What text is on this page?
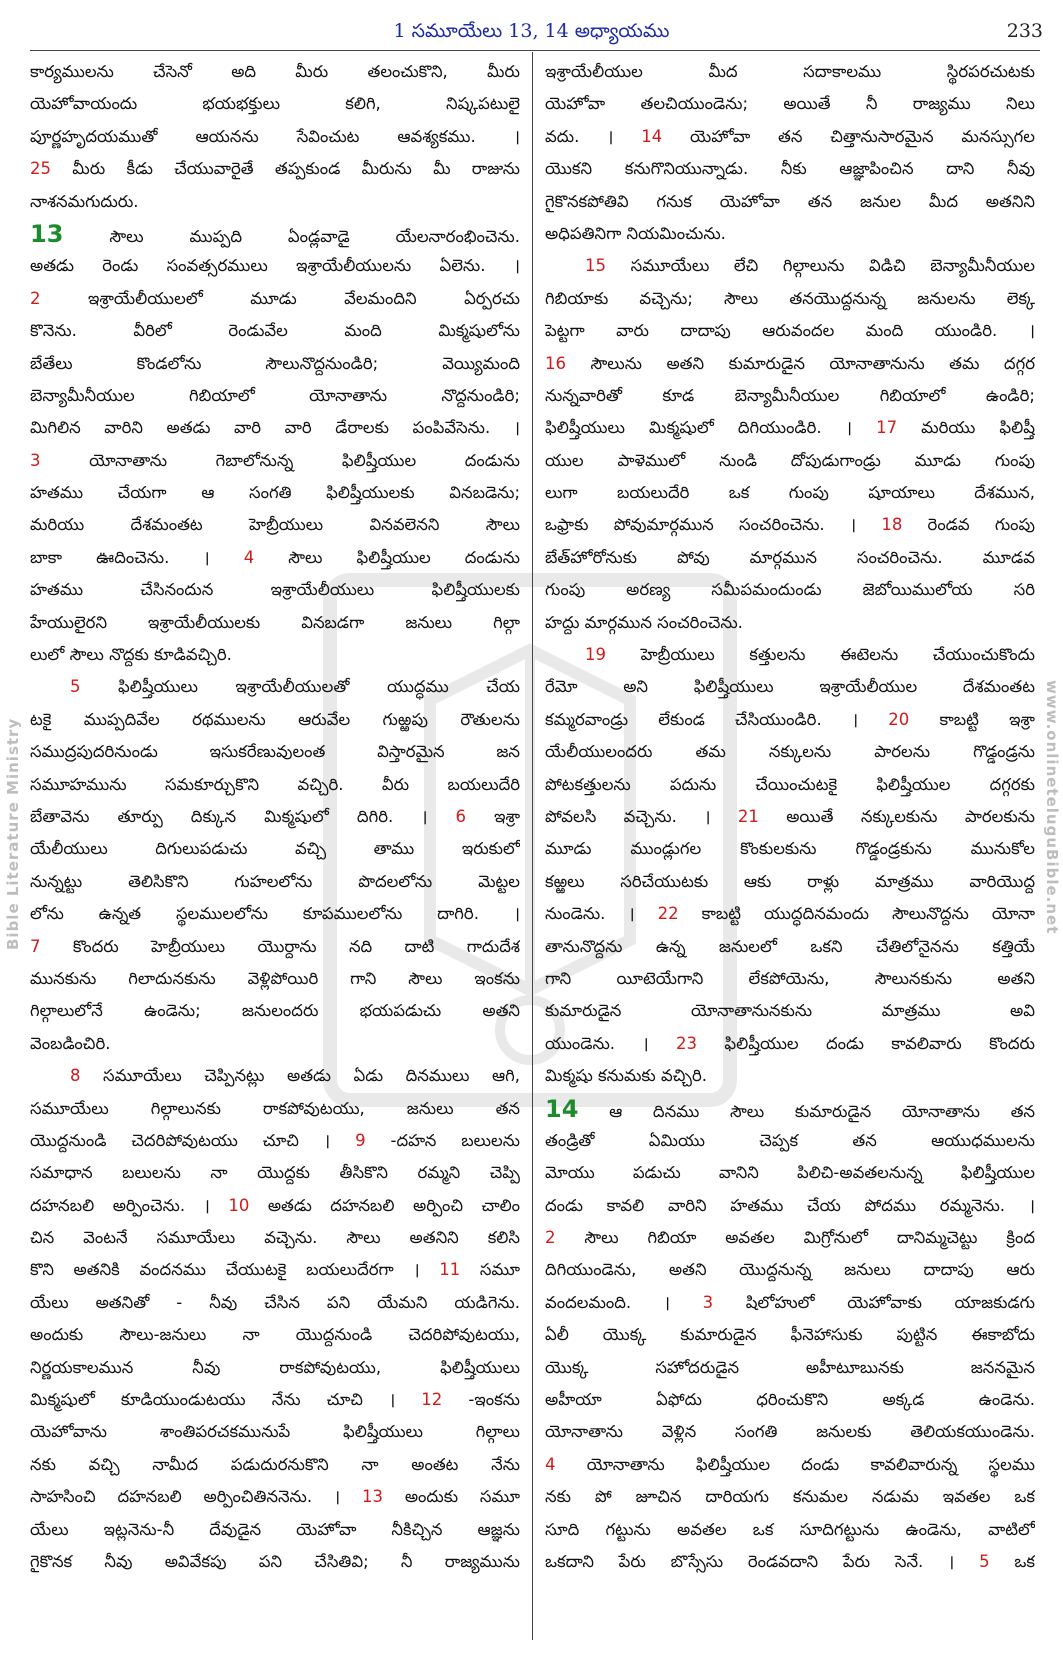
1 సమూయేలు 13, 14 అధ్యాయము	233
Bible Literature Ministry	www.onlineteluguBible.net
కార్యములను చేసెనో అది మీరు తలంచుకొని, మీరు
యెహోవాయందు భయభక్తులు కలిగి, నిష్కపటులై
పూర్ణహృదయముతో ఆయనను సేవించుట ఆవశ్యకము. ।
25 మీరు కీడు చేయువారైతే తప్పకుండ మీరును మీ రాజును
నాశనమగుదురు.
13 సౌలు ముప్పది ఏండ్లవాడై యేలనారంభించెను.
అతడు రెండు సంవత్సరములు ఇశ్రాయేలీయులను ఏలెను. ।
2 ఇశ్రాయేలీయులలో మూడు వేలమందిని ఏర్పరచు
కొనెను. వీరిలో రెండువేల మంది మిక్మషులోను
బేతేలు కొండలోను సౌలునొద్దనుండిరి; వెయ్యిమంది
బెన్యామీనీయుల గిబియాలో యోనాతాను నొద్దనుండిరి;
మిగిలిన వారిని అతడు వారి వారి డేరాలకు పంపివేసెను. ।
3 యోనాతాను గెబాలోనున్న ఫిలిష్తీయుల దండును
హతము చేయగా ఆ సంగతి ఫిలిష్తీయులకు వినబడెను;
మరియు దేశమంతట హెబ్రీయులు వినవలెనని సౌలు
బాకా ఊదించెను. । 4 సౌలు ఫిలిష్తీయుల దండును
హతము చేసినందున ఇశ్రాయేలీయులు ఫిలిష్తీయులకు
హేయులైరని ఇశ్రాయేలీయులకు వినబడగా జనులు గిల్గా
లులో సౌలు నొద్దకు కూడివచ్చిరి.
5 ఫిలిష్తీయులు ఇశ్రాయేలీయులతో యుద్ధము చేయ
టకై ముప్పదివేల రథములను ఆరువేల గుఱ్ఱపు రౌతులను
సముద్రపుదరినుండు ఇసుకరేణువులంత విస్తారమైన జన
సమూహమును సమకూర్చుకొని వచ్చిరి. వీరు బయలుదేరి
బేతావెను తూర్పు దిక్కున మిక్మషులో దిగిరి. । 6 ఇశ్రా
యేలీయులు దిగులుపడుచు వచ్చి తాము ఇరుకులో
నున్నట్టు తెలిసికొని గుహలలోను పొదలలోను మెట్టల
లోను ఉన్నత స్థలములలోను కూపములలోను దాగిరి. ।
7 కొందరు హెబ్రీయులు యొర్దాను నది దాటి గాదుదేశ
మునకును గిలాదునకును వెళ్లిపోయిరి గాని సౌలు ఇంకను
గిల్గాలులోనే ఉండెను; జనులందరు భయపడుచు అతని
వెంబడించిరి.
8 సమూయేలు చెప్పినట్లు అతడు ఏడు దినములు ఆగి,
సమూయేలు గిల్గాలునకు రాకపోవుటయు, జనులు తన
యొద్దనుండి చెదరిపోవుటయు చూచి । 9 -దహన బలులను
సమాధాన బలులను నా యొద్దకు తీసికొని రమ్మని చెప్పి
దహనబలి అర్పించెను. । 10 అతడు దహనబలి అర్పించి చాలిం
చిన వెంటనే సమూయేలు వచ్చెను. సౌలు అతనిని కలిసి
కొని అతనికి వందనము చేయుటకై బయలుదేరగా । 11 సమూ
యేలు అతనితో - నీవు చేసిన పని యేమని యడిగెను.
అందుకు సౌలు-జనులు నా యొద్దనుండి చెదరిపోవుటయు,
నిర్ణయకాలమున నీవు రాకపోవుటయు, ఫిలిష్తీయులు
మిక్మషులో కూడియుండుటయు నేను చూచి । 12 -ఇంకను
యెహోవాను శాంతిపరచకమునుపే ఫిలిష్తీయులు గిల్గాలు
నకు వచ్చి నామీద పడుదురనుకొని నా అంతట నేను
సాహసించి దహనబలి అర్పించితిననెను. । 13 అందుకు సమూ
యేలు ఇట్లనెను-నీ దేవుడైన యెహోవా నీకిచ్చిన ఆజ్ఞను
గైకొనక నీవు అవివేకపు పని చేసితివి; నీ రాజ్యమును
ఇశ్రాయేలీయుల మీద సదాకాలము స్థిరపరచుటకు
యెహోవా తలచియుండెను; అయితే నీ రాజ్యము నిలు
వదు. । 14 యెహోవా తన చిత్తానుసారమైన మనస్సుగల
యొకని కనుగొనియున్నాడు. నీకు ఆజ్ఞాపించిన దాని నీవు
గైకొనకపోతివి గనుక యెహోవా తన జనుల మీద అతనిని
అధిపతినిగా నియమించును.
15 సమూయేలు లేచి గిల్గాలును విడిచి బెన్యామీనీయుల
గిబియాకు వచ్చెను; సౌలు తనయొద్దనున్న జనులను లెక్క
పెట్టగా వారు దాదాపు ఆరువందల మంది యుండిరి. ।
16 సౌలును అతని కుమారుడైన యోనాతానును తమ దగ్గర
నున్నవారితో కూడ బెన్యామీనీయుల గిబియాలో ఉండిరి;
ఫిలిష్తీయులు మిక్మషులో దిగియుండిరి. । 17 మరియు ఫిలిష్తీ
యుల పాళెములో నుండి దోపుడుగాండ్రు మూడు గుంపు
లుగా బయలుదేరి ఒక గుంపు షూయాలు దేశమున,
ఒఫ్రాకు పోవుమార్గమున సంచరించెను. । 18 రెండవ గుంపు
బేత్‌హోరోనుకు పోవు మార్గమున సంచరించెను. మూడవ
గుంపు అరణ్య సమీపమందుండు జెబోయిములోయ సరి
హద్దు మార్గమున సంచరించెను.
19 హెబ్రీయులు కత్తులను ఈటెలను చేయుంచుకొందు
రేమో అని ఫిలిష్తీయులు ఇశ్రాయేలీయుల దేశమంతట
కమ్మరవాండ్రు లేకుండ చేసియుండిరి. । 20 కాబట్టి ఇశ్రా
యేలీయులందరు తమ నక్కులను పారలను గొడ్డండ్రను
పోటకత్తులను పదును చేయించుటకై ఫిలిష్తీయుల దగ్గరకు
పోవలసి వచ్చెను. । 21 అయితే నక్కులకును పారలకును
మూడు ముండ్లుగల కొంకులకును గొడ్డండ్రకును మునుకోల
కఱ్ఱలు సరిచేయుటకు ఆకు రాళ్లు మాత్రము వారియొద్ద
నుండెను. । 22 కాబట్టి యుద్ధదినమందు సౌలునొద్దను యోనా
తానునొద్దను ఉన్న జనులలో ఒకని చేతిలోనైనను కత్తియే
గాని యీటెయేగాని లేకపోయెను, సౌలునకును అతని
కుమారుడైన యోనాతానునకును మాత్రము అవి
యుండెను. । 23 ఫిలిష్తీయుల దండు కావలివారు కొందరు
మిక్మషు కనుమకు వచ్చిరి.
14 ఆ దినము సౌలు కుమారుడైన యోనాతాను తన
తండ్రితో ఏమియు చెప్పక తన ఆయుధములను
మోయు పడుచు వానిని పిలిచి-అవతలనున్న ఫిలిష్తీయుల
దండు కావలి వారిని హతము చేయ పోదము రమ్మనెను. ।
2 సౌలు గిబియా అవతల మిగ్రోనులో దానిమ్మచెట్టు క్రింద
దిగియుండెను, అతని యొద్దనున్న జనులు దాదాపు ఆరు
వందలమంది. । 3 షిలోహులో యెహోవాకు యాజకుడగు
ఏలీ యొక్క కుమారుడైన ఫీనెహాసుకు పుట్టిన ఈకాబోదు
యొక్క సహోదరుడైన అహీటూబునకు జననమైన
అహీయా ఏఫోదు ధరించుకొని అక్కడ ఉండెను.
యోనాతాను వెళ్లిన సంగతి జనులకు తెలియకయుండెను.
4 యోనాతాను ఫిలిష్తీయుల దండు కావలివారున్న స్థలము
నకు పో జూచిన దారియగు కనుమల నడుమ ఇవతల ఒక
సూది గట్టును అవతల ఒక సూదిగట్టును ఉండెను, వాటిలో
ఒకదాని పేరు బొస్సేసు రెండవదాని పేరు సెనే. । 5 ఒక
